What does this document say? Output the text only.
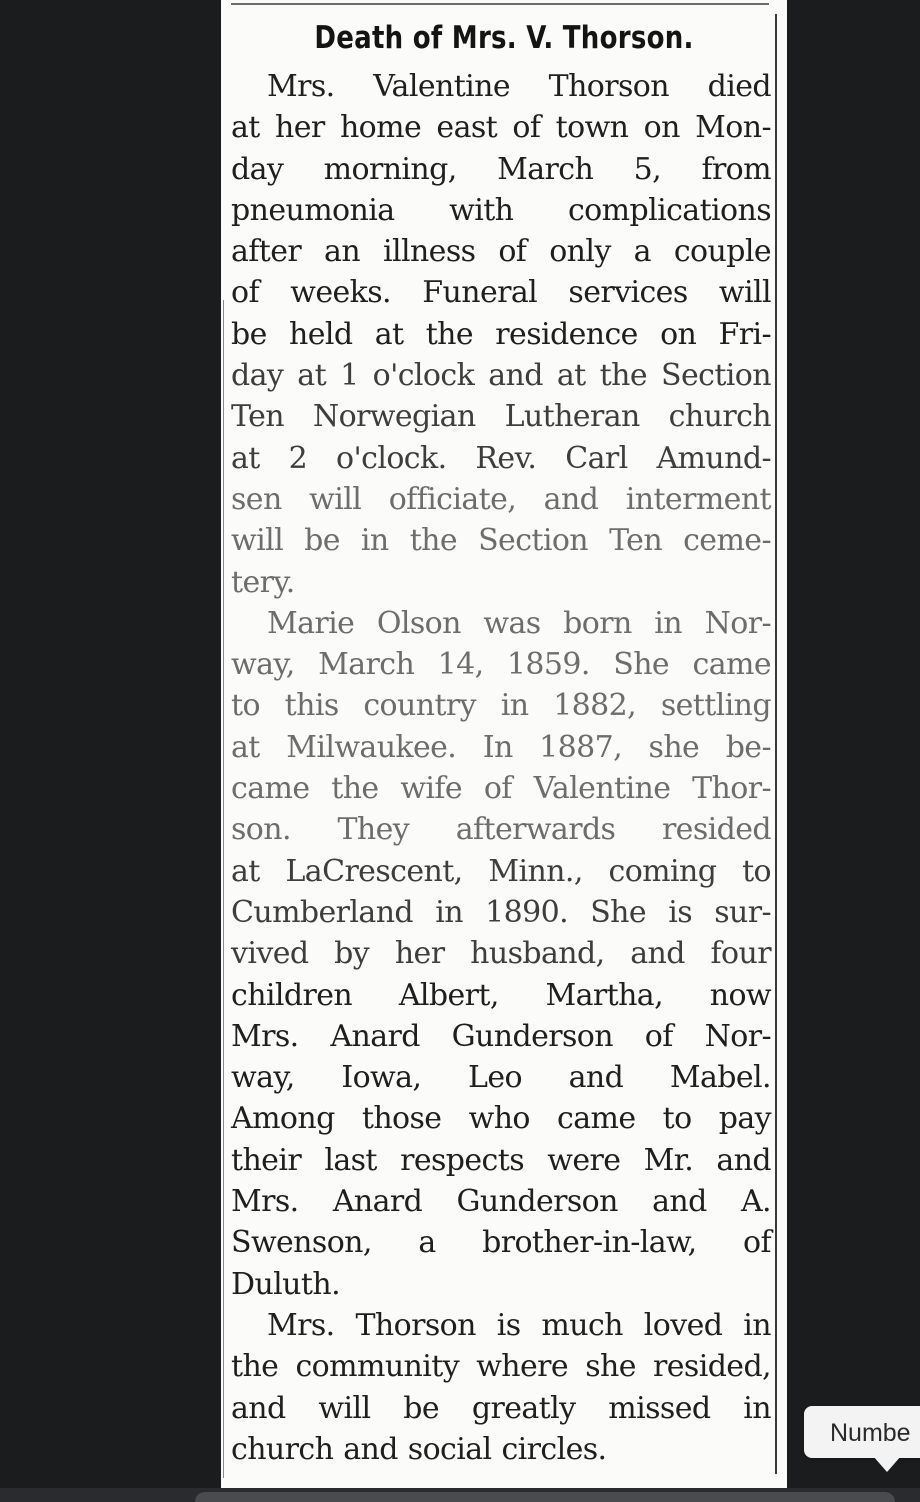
Death of Mrs. V. Thorson.
Mrs. Valentine Thorson died
at her home east of town on Mon-
day morning, March 5, from
pneumonia with complications
after an illness of only a couple
of weeks. Funeral services will
be held at the residence on Fri-
day at 1 o'clock and at the Section
Ten Norwegian Lutheran church
at 2 o'clock. Rev. Carl Amund-
sen will officiate, and interment
will be in the Section Ten ceme-
tery.
Marie Olson was born in Nor-
way, March 14, 1859. She came
to this country in 1882, settling
at Milwaukee. In 1887, she be-
came the wife of Valentine Thor-
son. They afterwards resided
at LaCrescent, Minn., coming to
Cumberland in 1890. She is sur-
vived by her husband, and four
children Albert, Martha, now
Mrs. Anard Gunderson of Nor-
way, Iowa, Leo and Mabel.
Among those who came to pay
their last respects were Mr. and
Mrs. Anard Gunderson and A.
Swenson, a brother-in-law, of
Duluth.
Mrs. Thorson is much loved in
the community where she resided,
and will be greatly missed in
church and social circles.	Numbe
